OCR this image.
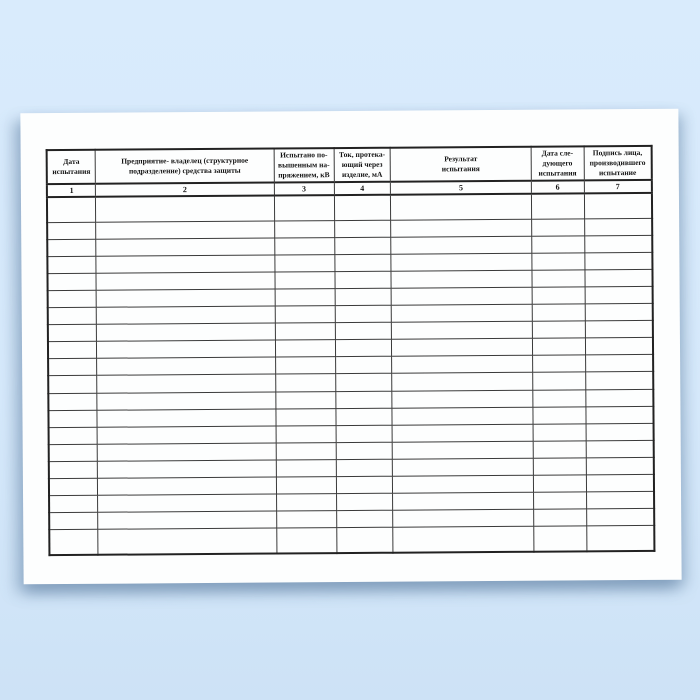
Дата
испытания	Предприятие- владелец (структурное
подразделение) средства защиты	Испытано по-
вышенным на-
пряжением, кВ	Ток, протека-
ющий через
изделие, мА	Результат
испытания	Дата сле-
дующего
испытания	Подпись лица,
производившего
испытание
1	2	3	4	5	6	7
